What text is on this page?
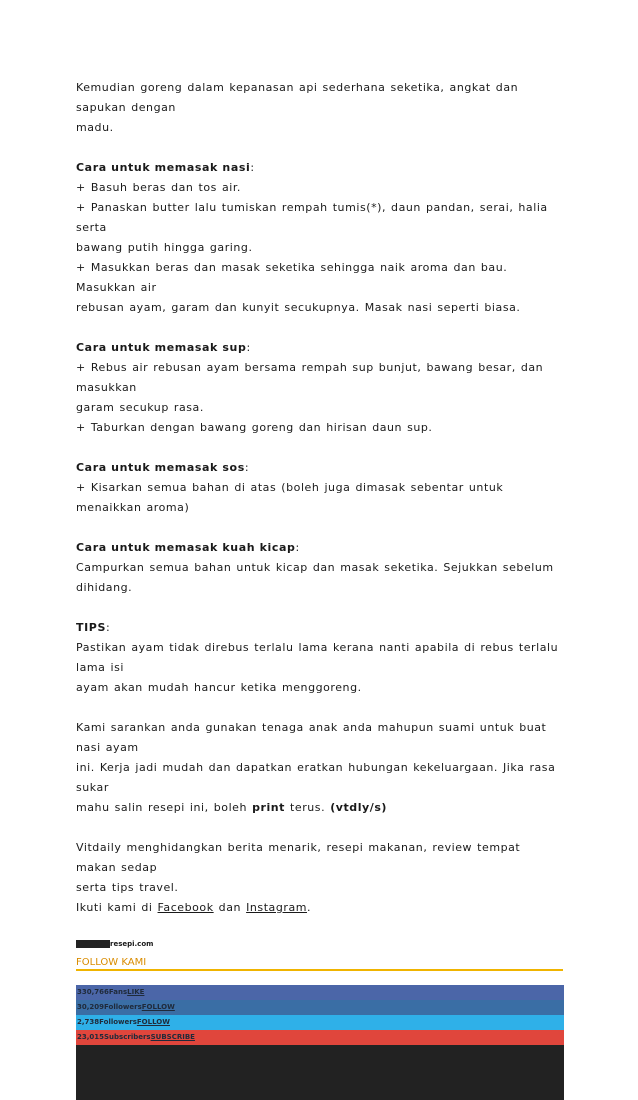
Kemudian goreng dalam kepanasan api sederhana seketika, angkat dan sapukan dengan

madu.

Cara untuk memasak nasi:

+ Basuh beras dan tos air.

+ Panaskan butter lalu tumiskan rempah tumis(*), daun pandan, serai, halia serta

bawang putih hingga garing.

+ Masukkan beras dan masak seketika sehingga naik aroma dan bau. Masukkan air

rebusan ayam, garam dan kunyit secukupnya. Masak nasi seperti biasa.

Cara untuk memasak sup:

+ Rebus air rebusan ayam bersama rempah sup bunjut, bawang besar, dan masukkan

garam secukup rasa.

+ Taburkan dengan bawang goreng dan hirisan daun sup.

Cara untuk memasak sos:

+ Kisarkan semua bahan di atas (boleh juga dimasak sebentar untuk menaikkan aroma)

Cara untuk memasak kuah kicap:

Campurkan semua bahan untuk kicap dan masak seketika. Sejukkan sebelum dihidang.

TIPS:

Pastikan ayam tidak direbus terlalu lama kerana nanti apabila di rebus terlalu lama isi

ayam akan mudah hancur ketika menggoreng.

Kami sarankan anda gunakan tenaga anak anda mahupun suami untuk buat nasi ayam

ini. Kerja jadi mudah dan dapatkan eratkan hubungan kekeluargaan. Jika rasa sukar

mahu salin resepi ini, boleh print terus. (vtdly/s)

Vitdaily menghidangkan berita menarik, resepi makanan, review tempat makan sedap

serta tips travel.

Ikuti kami di Facebook dan Instagram.

SOURCEresepi.com
FOLLOW KAMI
330,766FansLIKE
30,209FollowersFOLLOW
2,738FollowersFOLLOW
23,015SubscribersSUBSCRIBE
